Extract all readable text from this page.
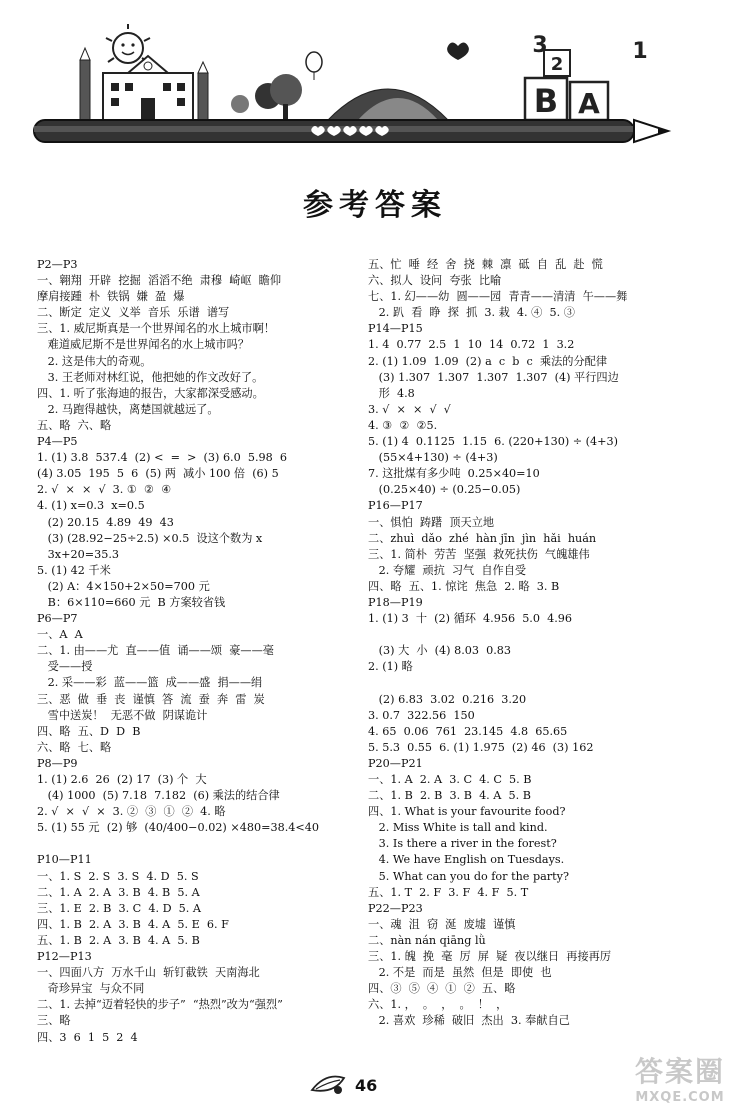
B A
2
3	1
参考答案
P2—P3
一、翱翔  开辟  挖掘  滔滔不绝  肃穆  崎岖  瞻仰
摩肩接踵  朴  铁锅  嫌  盈  爆
二、断定  定义  义举  音乐  乐谱  谱写
三、1. 威尼斯真是一个世界闻名的水上城市啊！
难道威尼斯不是世界闻名的水上城市吗？
2. 这是伟大的奇观。
3. 王老师对林红说，他把她的作文改好了。
四、1. 听了张海迪的报告，大家都深受感动。
2. 马跑得越快，离楚国就越远了。
五、略  六、略
P4—P5
1. (1) 3.8  537.4  (2) <  =  >  (3) 6.0  5.98  6
(4) 3.05  195  5  6  (5) 两  减小 100 倍  (6) 5
2. √  ×  ×  √  3. ①  ②  ④
4. (1) x=0.3  x=0.5
(2) 20.15  4.89  49  43
(3) (28.92−25÷2.5) ×0.5  设这个数为 x
3x+20=35.3
5. (1) 42 千米
(2) A：4×150+2×50=700 元
B：6×110=660 元  B 方案较省钱
P6—P7
一、A  A
二、1. 由——尤  直——值  诵——颂  豪——毫
受——授
2. 采——彩  蓝——篮  成——盛  捐——绢
三、恶  做  垂  丧  谨慎  答  流  蚕  奔  雷  炭
雪中送炭！  无恶不做  阴谋诡计
四、略  五、D  D  B
六、略  七、略
P8—P9
1. (1) 2.6  26  (2) 17  (3) 个  大
(4) 1000  (5) 7.18  7.182  (6) 乘法的结合律
2. √  ×  √  ×  3. ②  ③  ①  ②  4. 略
5. (1) 55 元  (2) 够  (40/400−0.02) ×480=38.4<40
P10—P11
一、1. S  2. S  3. S  4. D  5. S
二、1. A  2. A  3. B  4. B  5. A
三、1. E  2. B  3. C  4. D  5. A
四、1. B  2. A  3. B  4. A  5. E  6. F
五、1. B  2. A  3. B  4. A  5. B
P12—P13
一、四面八方  万水千山  斩钉截铁  天南海北
奇珍异宝  与众不同
二、1. 去掉“迈着轻快的步子”  “热烈”改为“强烈”
三、略
四、3  6  1  5  2  4
五、忙  唾  经  舍  挠  棘  凛  砥  自  乱  赴  慌
六、拟人  设问  夸张  比喻
七、1. 幻——幼  圆——园  青青——清清  午——舞
2. 趴  看  睁  探  抓  3. 栽  4. ④  5. ③
P14—P15
1. 4  0.77  2.5  1  10  14  0.72  1  3.2
2. (1) 1.09  1.09  (2) a  c  b  c  乘法的分配律
(3) 1.307  1.307  1.307  1.307  (4) 平行四边
形  4.8
3. √  ×  ×  √  √
4. ③  ②  ②5.
5. (1) 4  0.1125  1.15  6. (220+130) ÷ (4+3)
(55×4+130) ÷ (4+3)
7. 这批煤有多少吨  0.25×40=10
(0.25×40) ÷ (0.25−0.05)
P16—P17
一、惧怕  踌躇  顶天立地
二、zhuì  dǎo  zhé  hàn jīn  jìn  hǎi  huán
三、1. 简朴  劳苦  坚强  救死扶伤  气魄雄伟
2. 夸耀  顽抗  习气  自作自受
四、略  五、1. 惊诧  焦急  2. 略  3. B
P18—P19
1. (1) 3  十  (2) 循环  4.956  5.0  4.96
(3) 大  小  (4) 8.03  0.83
2. (1) 略
(2) 6.83  3.02  0.216  3.20
3. 0.7  322.56  150
4. 65  0.06  761  23.145  4.8  65.65
5. 5.3  0.55  6. (1) 1.975  (2) 46  (3) 162
P20—P21
一、1. A  2. A  3. C  4. C  5. B
二、1. B  2. B  3. B  4. A  5. B
四、1. What is your favourite food?
2. Miss White is tall and kind.
3. Is there a river in the forest?
4. We have English on Tuesdays.
5. What can you do for the party?
五、1. T  2. F  3. F  4. F  5. T
P22—P23
一、魂  沮  窃  涎  废墟  谨慎
二、nàn nán qiāng lǜ
三、1. 魄  挽  毫  厉  屏  疑  夜以继日  再接再厉
2. 不是  而是  虽然  但是  即使  也
四、③  ⑤  ④  ①  ②  五、略
六、1. ，  。  ，  。  ！  ，
2. 喜欢  珍稀  破旧  杰出  3. 奉献自己
46	答案圈
MXQE.COM
